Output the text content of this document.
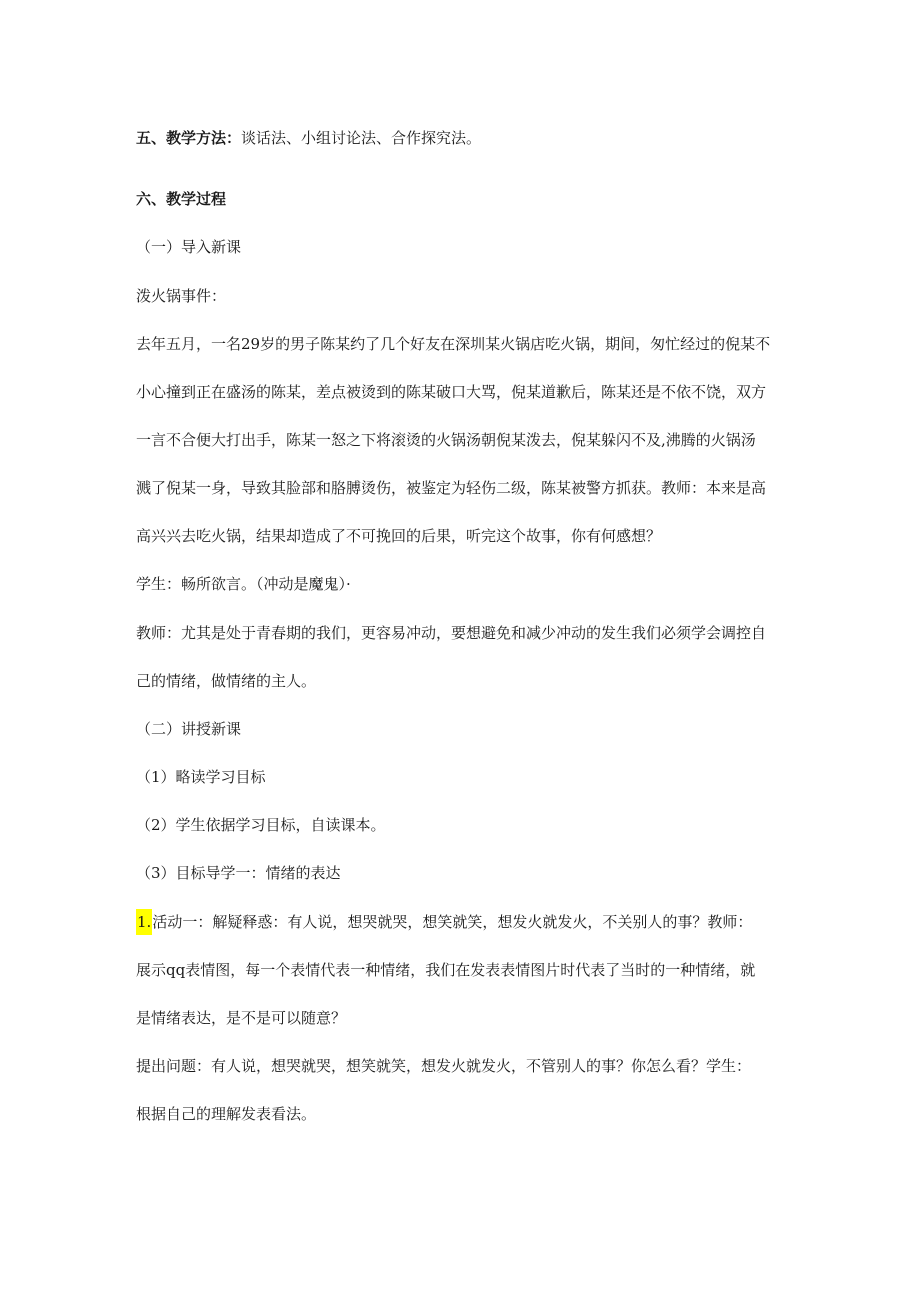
五、教学方法：谈话法、小组讨论法、合作探究法。

六、教学过程

（一）导入新课

泼火锅事件：

去年五月，一名29岁的男子陈某约了几个好友在深圳某火锅店吃火锅，期间，匆忙经过的倪某不

小心撞到正在盛汤的陈某，差点被烫到的陈某破口大骂，倪某道歉后，陈某还是不依不饶，双方

一言不合便大打出手，陈某一怒之下将滚烫的火锅汤朝倪某泼去，倪某躲闪不及,沸腾的火锅汤

溅了倪某一身，导致其脸部和胳膊烫伤，被鉴定为轻伤二级，陈某被警方抓获。教师：本来是高

高兴兴去吃火锅，结果却造成了不可挽回的后果，听完这个故事，你有何感想？

学生：畅所欲言。（冲动是魔鬼）·

教师：尤其是处于青春期的我们，更容易冲动，要想避免和减少冲动的发生我们必须学会调控自

己的情绪，做情绪的主人。

（二）讲授新课

（1）略读学习目标

（2）学生依据学习目标，自读课本。

（3）目标导学一：情绪的表达

1.活动一：解疑释惑：有人说，想哭就哭，想笑就笑，想发火就发火，不关别人的事？教师：

展示qq表情图，每一个表情代表一种情绪，我们在发表表情图片时代表了当时的一种情绪，就

是情绪表达，是不是可以随意？

提出问题：有人说，想哭就哭，想笑就笑，想发火就发火，不管别人的事？你怎么看？学生：

根据自己的理解发表看法。
